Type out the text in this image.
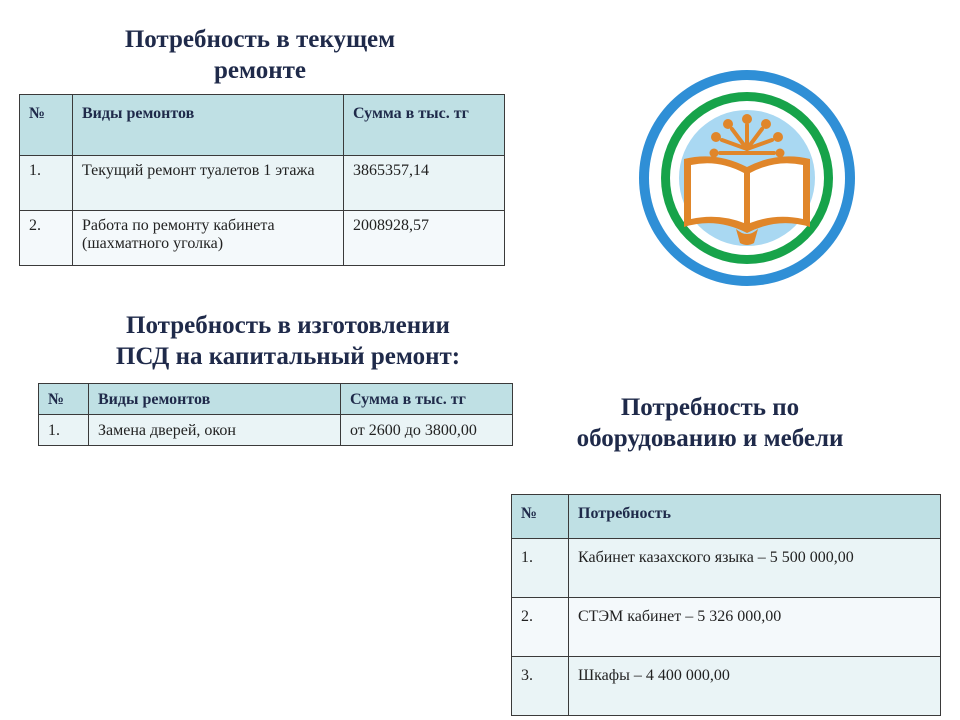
Потребность в текущем
ремонте
№	Виды ремонтов	Сумма в тыс. тг
1.	Текущий ремонт туалетов 1 этажа	3865357,14
2.	Работа по ремонту кабинета (шахматного уголка)	2008928,57
Потребность в изготовлении
ПСД на капитальный ремонт:
№	Виды ремонтов	Сумма в тыс. тг
1.	Замена дверей, окон	от 2600 до 3800,00
Потребность по
оборудованию и мебели
№	Потребность
1.	Кабинет казахского языка – 5 500 000,00
2.	СТЭМ кабинет – 5 326 000,00
3.	Шкафы – 4 400 000,00
